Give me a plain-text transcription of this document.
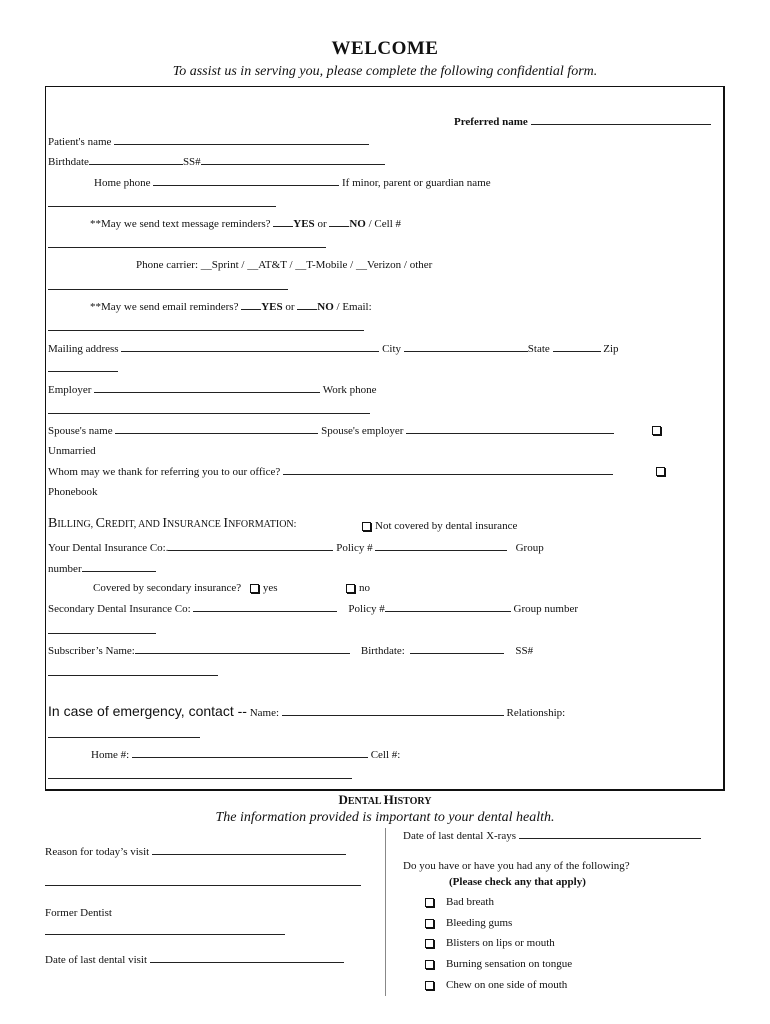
WELCOME
To assist us in serving you, please complete the following confidential form.
Preferred name
Patient's name
Birthdate	SS#
Home phone	If minor, parent or guardian name
**May we send text message reminders? YES or NO / Cell #
Phone carrier: __Sprint / __AT&T / __T-Mobile / __Verizon / other
**May we send email reminders? YES or NO / Email:
Mailing address	City	State	Zip
Employer	Work phone
Spouse's name	Spouse's employer
Unmarried
Whom may we thank for referring you to our office?
Phonebook
BILLING, CREDIT, AND INSURANCE INFORMATION:	Not covered by dental insurance
Your Dental Insurance Co:.	Policy #	Group
number
Covered by secondary insurance? yes	no
Secondary Dental Insurance Co:	Policy #	Group number
Subscriber’s Name:	Birthdate:	SS#
In case of emergency, contact -- Name:	Relationship:
Home #:	Cell #:
DENTAL HISTORY
The information provided is important to your dental health.
Reason for today’s visit
Former Dentist
Date of last dental visit
Date of last dental X-rays
Do you have or have you had any of the following?
(Please check any that apply)
Bad breath
Bleeding gums
Blisters on lips or mouth
Burning sensation on tongue
Chew on one side of mouth
